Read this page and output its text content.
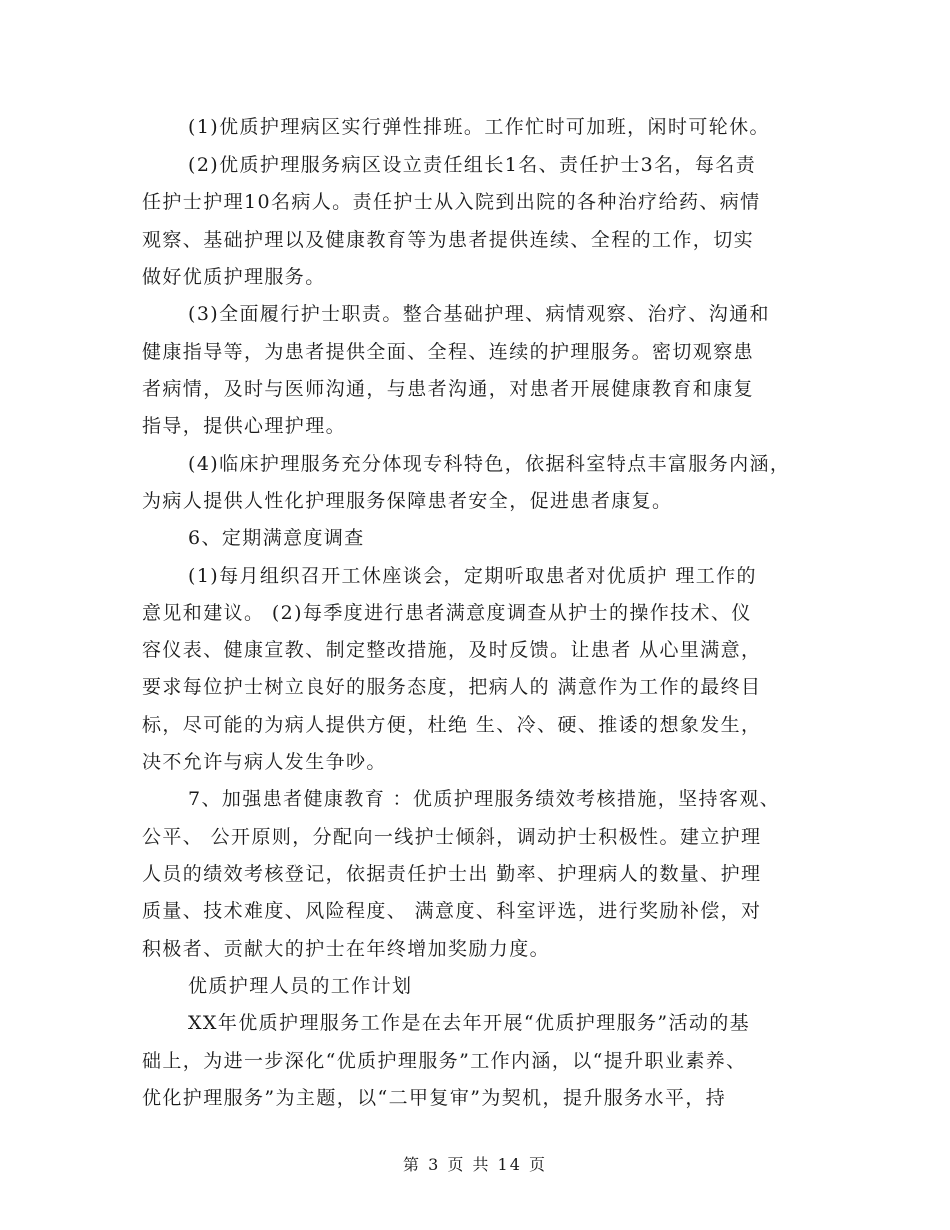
(1)优质护理病区实行弹性排班。工作忙时可加班，闲时可轮休。
(2)优质护理服务病区设立责任组长1名、责任护士3名，每名责
任护士护理10名病人。责任护士从入院到出院的各种治疗给药、病情
观察、基础护理以及健康教育等为患者提供连续、全程的工作，切实
做好优质护理服务。
(3)全面履行护士职责。整合基础护理、病情观察、治疗、沟通和
健康指导等，为患者提供全面、全程、连续的护理服务。密切观察患
者病情，及时与医师沟通，与患者沟通，对患者开展健康教育和康复
指导，提供心理护理。
(4)临床护理服务充分体现专科特色，依据科室特点丰富服务内涵，
为病人提供人性化护理服务保障患者安全，促进患者康复。
6、定期满意度调查
(1)每月组织召开工休座谈会，定期听取患者对优质护 理工作的
意见和建议。 (2)每季度进行患者满意度调查从护士的操作技术、仪
容仪表、健康宣教、制定整改措施，及时反馈。让患者 从心里满意，
要求每位护士树立良好的服务态度，把病人的 满意作为工作的最终目
标，尽可能的为病人提供方便，杜绝 生、冷、硬、推诿的想象发生，
决不允许与病人发生争吵。
7、加强患者健康教育 ：优质护理服务绩效考核措施，坚持客观、
公平、 公开原则，分配向一线护士倾斜，调动护士积极性。建立护理
人员的绩效考核登记，依据责任护士出 勤率、护理病人的数量、护理
质量、技术难度、风险程度、 满意度、科室评选，进行奖励补偿，对
积极者、贡献大的护士在年终增加奖励力度。
优质护理人员的工作计划
XX年优质护理服务工作是在去年开展“优质护理服务”活动的基
础上，为进一步深化“优质护理服务”工作内涵，以“提升职业素养、
优化护理服务”为主题，以“二甲复审”为契机，提升服务水平，持
第 3 页 共 14 页
